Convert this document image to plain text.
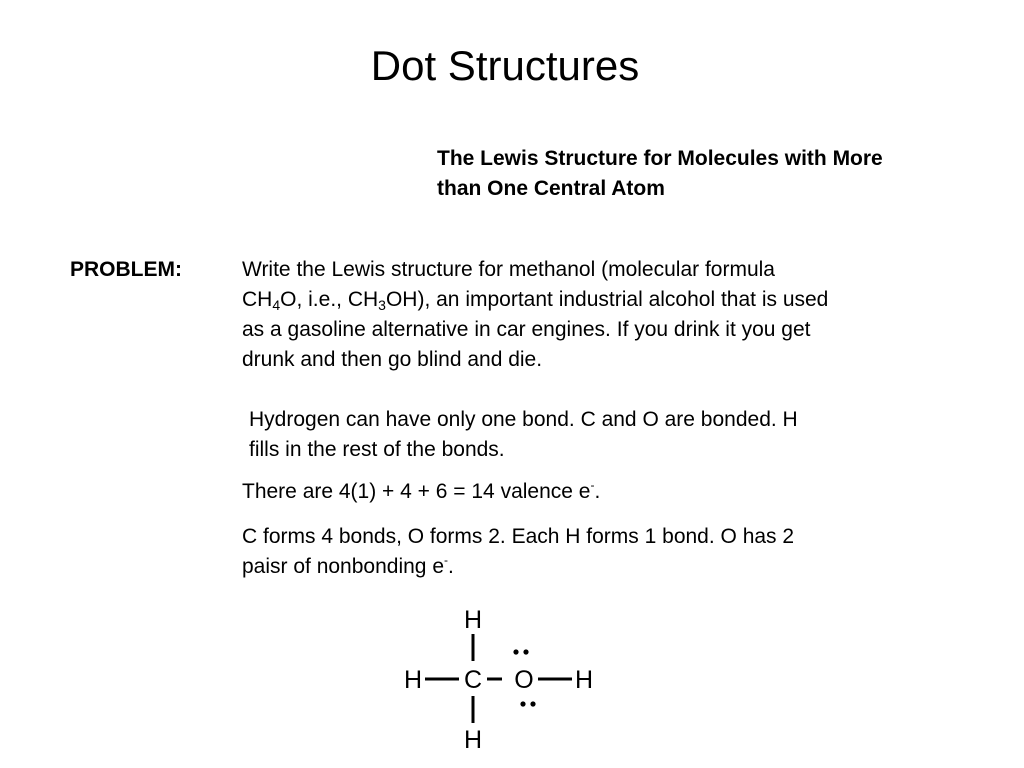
Dot Structures
The Lewis Structure for Molecules with More
than One Central Atom
PROBLEM:	Write the Lewis structure for methanol (molecular formula
$CH_4O$, i.e., $CH_3OH$), an important industrial alcohol that is used
as a gasoline alternative in car engines. If you drink it you get
drunk and then go blind and die.
Hydrogen can have only one bond. C and O are bonded. H
fills in the rest of the bonds.
There are 4(1) + 4 + 6 = 14 valence e-.
C forms 4 bonds, O forms 2. Each H forms 1 bond. O has 2
paisr of nonbonding e-.
H
H C O H
H
